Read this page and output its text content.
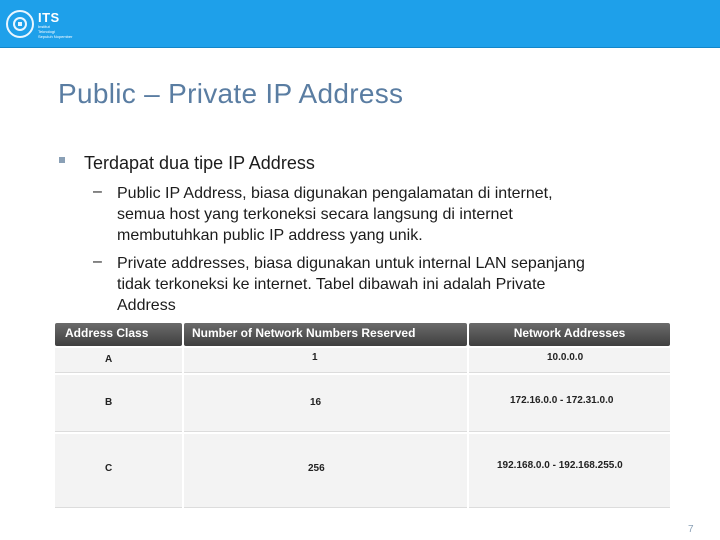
ITS
Institut
Teknologi
Sepuluh Nopember
Public – Private IP Address
Terdapat dua tipe IP Address
– Public IP Address, biasa digunakan pengalamatan di internet,
semua host yang terkoneksi secara langsung di internet
membutuhkan public IP address yang unik.
– Private addresses, biasa digunakan untuk internal LAN sepanjang
tidak terkoneksi ke internet. Tabel dibawah ini adalah Private
Address
Address Class	Number of Network Numbers Reserved	Network Addresses
A	1	10.0.0.0
B	16	172.16.0.0 - 172.31.0.0
C	256	192.168.0.0 - 192.168.255.0
7
